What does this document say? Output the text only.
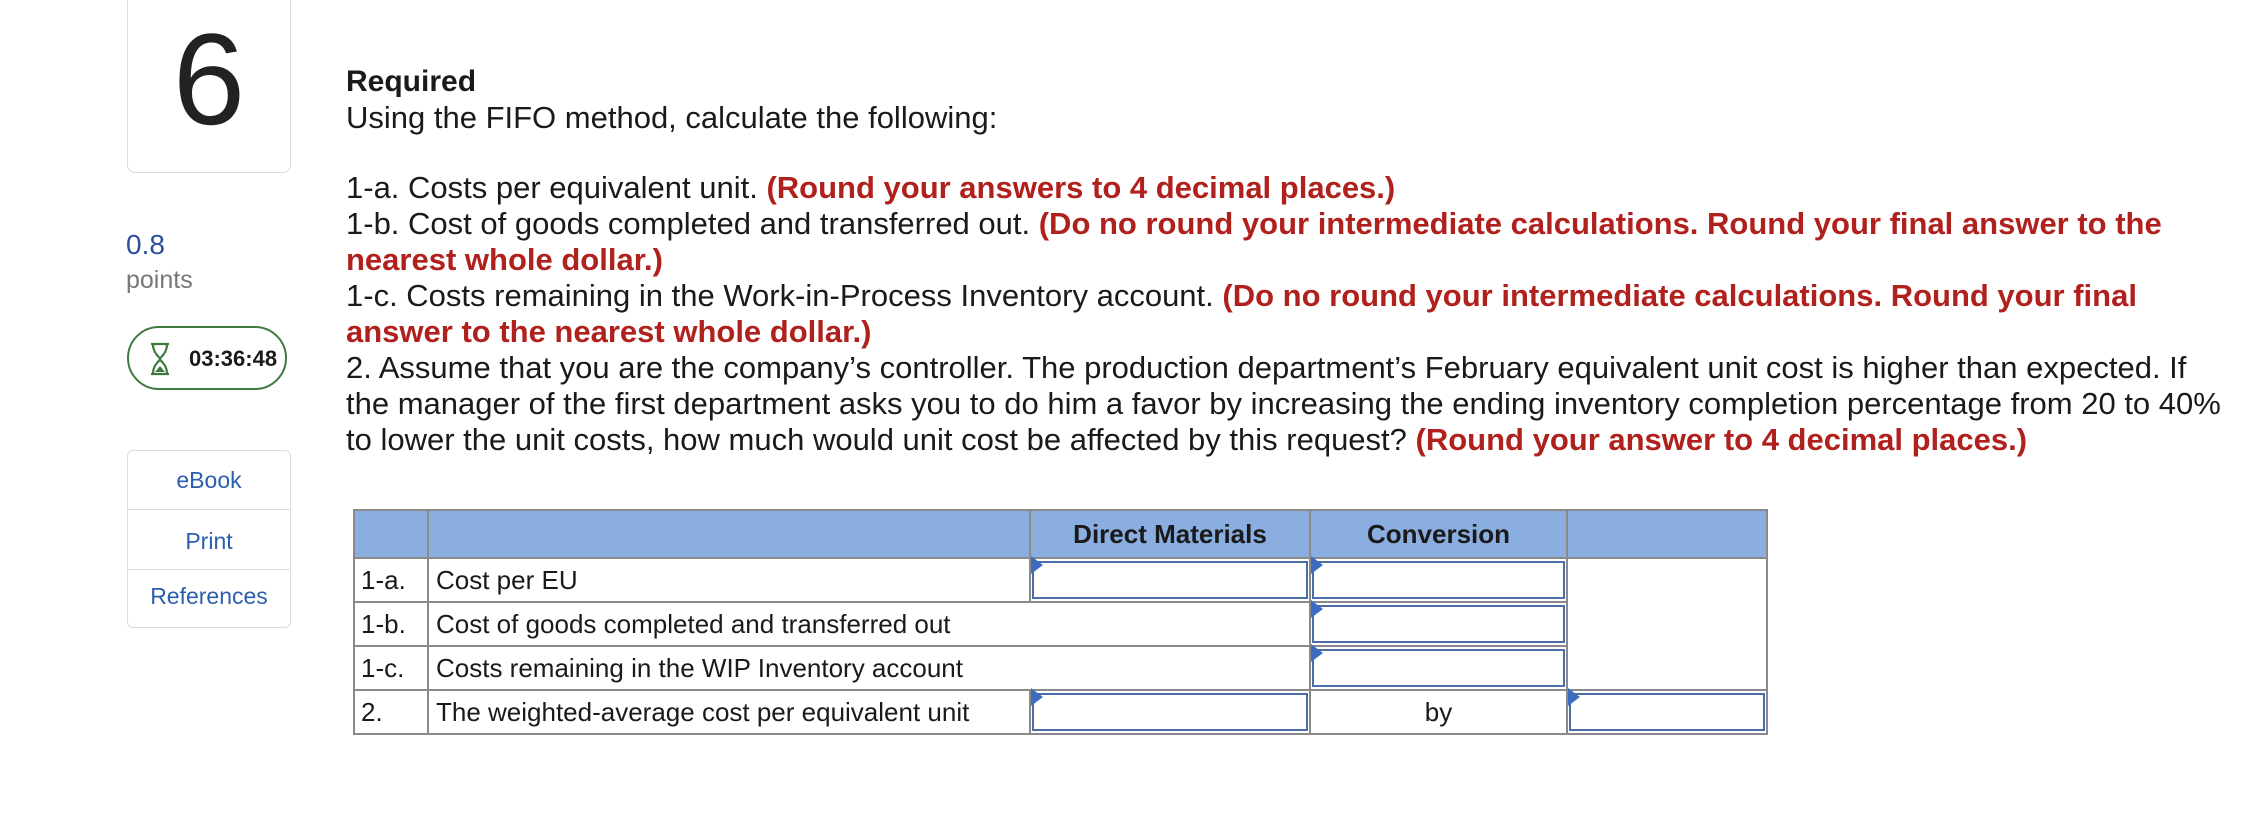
6
0.8
points
03:36:48
eBook
Print
References
Required

Using the FIFO method, calculate the following:

1-a. Costs per equivalent unit. (Round your answers to 4 decimal places.)

1-b. Cost of goods completed and transferred out. (Do no round your intermediate calculations. Round your final answer to the nearest whole dollar.)

1-c. Costs remaining in the Work-in-Process Inventory account. (Do no round your intermediate calculations. Round your final answer to the nearest whole dollar.)

2. Assume that you are the company’s controller. The production department’s February equivalent unit cost is higher than expected. If the manager of the first department asks you to do him a favor by increasing the ending inventory completion percentage from 20 to 40% to lower the unit costs, how much would unit cost be affected by this request? (Round your answer to 4 decimal places.)

		Direct Materials	Conversion	
1-a.	Cost per EU	

1-b.	Cost of goods completed and transferred out			

1-c.	Costs remaining in the WIP Inventory account			

2.	The weighted-average cost per equivalent unit		by	
